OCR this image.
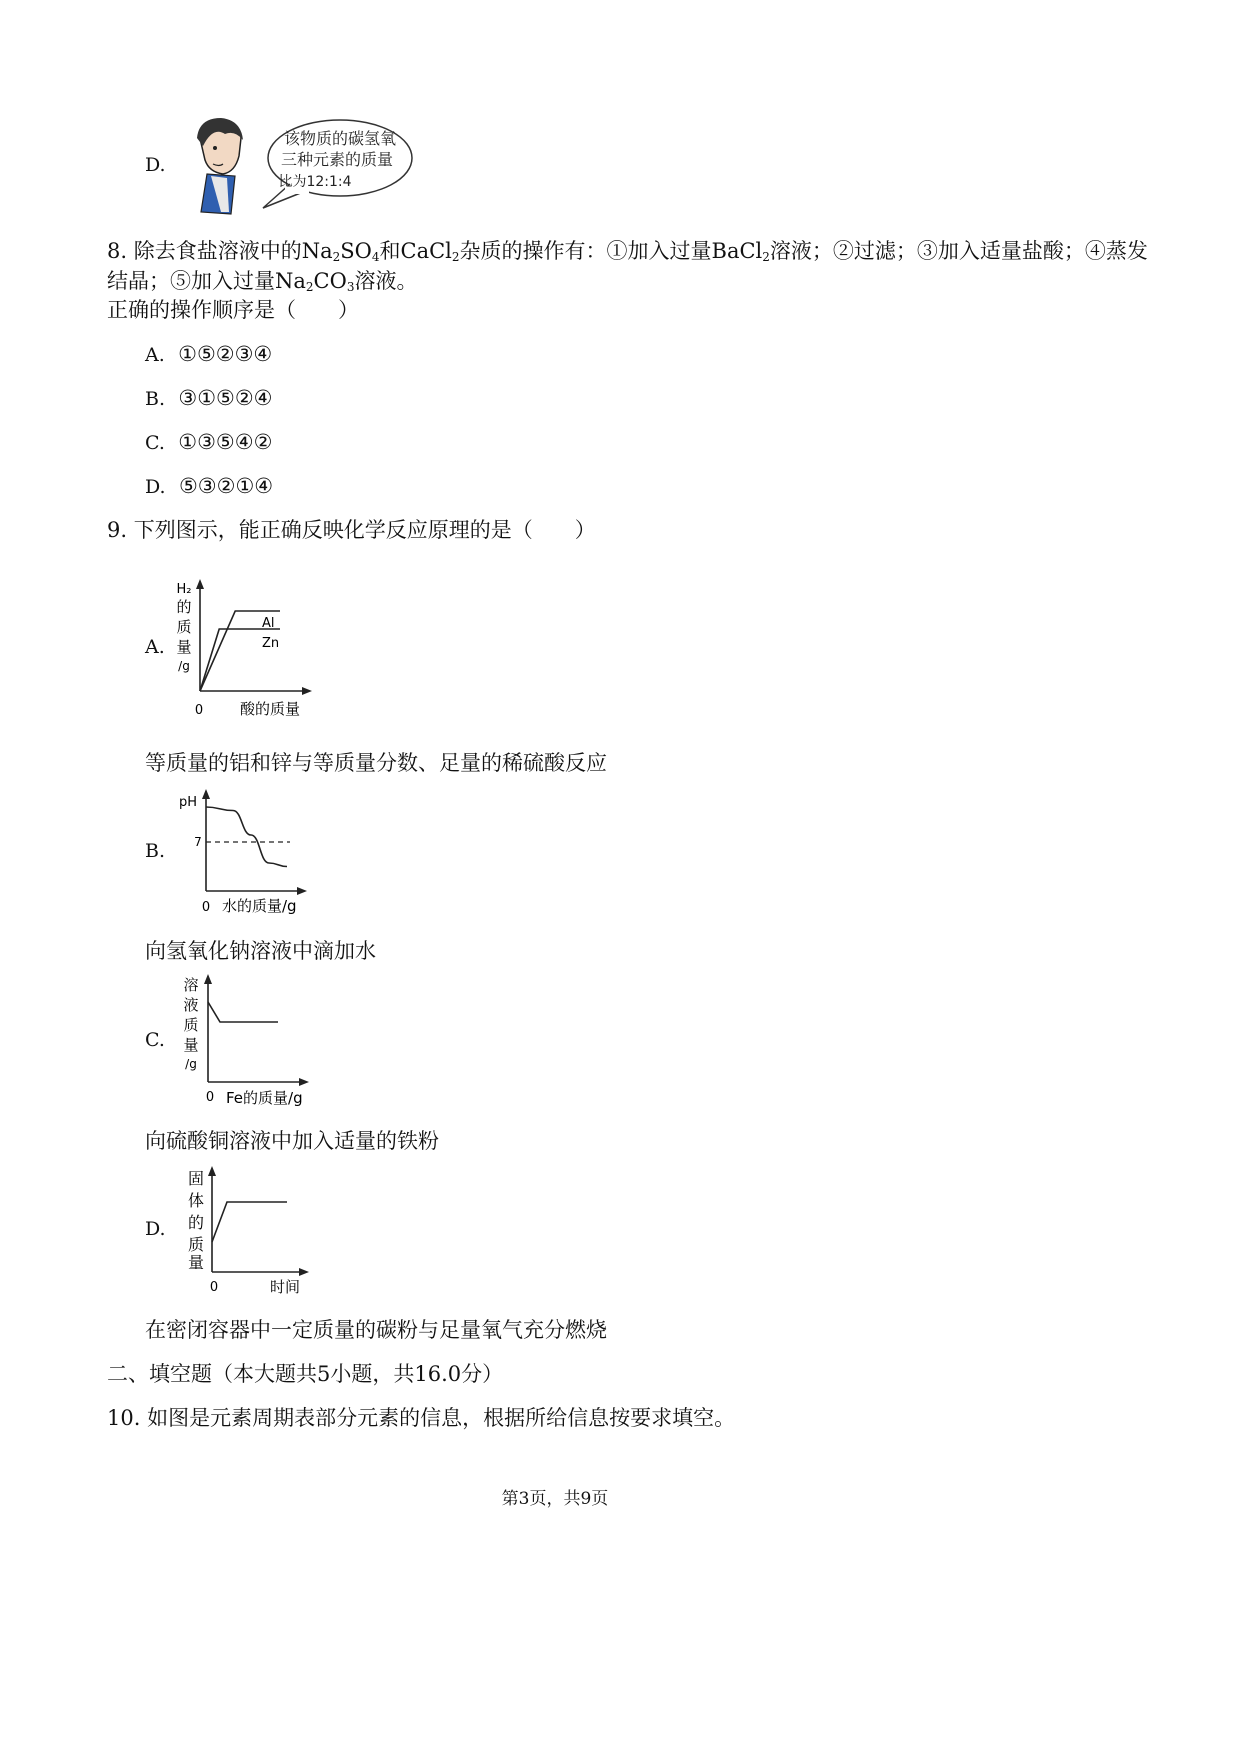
D.
该物质的碳氢氧
三种元素的质量
比为12:1:4
8. 除去食盐溶液中的$Na_2SO_4$和CaCl$_2$杂质的操作有：①加入过量BaCl$_2$溶液；②过滤；③加入适量盐酸；④蒸发
结晶；⑤加入过量$Na_2CO_3$溶液。
正确的操作顺序是（　　）
A. ①⑤②③④
B. ③①⑤②④
C. ①③⑤④②
D. ⑤③②①④
9. 下列图示，能正确反映化学反应原理的是（　　）
A.
H₂
的
质
量
/g
Al
Zn
0 酸的质量
等质量的铝和锌与等质量分数、足量的稀硫酸反应
B.
pH
7
0 水的质量/g
向氢氧化钠溶液中滴加水
C.
溶
液
质
量
/g
0 Fe的质量/g
向硫酸铜溶液中加入适量的铁粉
D.
固
体
的
质
量
0	时间
在密闭容器中一定质量的碳粉与足量氧气充分燃烧
二、填空题（本大题共5小题，共16.0分）
10. 如图是元素周期表部分元素的信息，根据所给信息按要求填空。
第3页，共9页
